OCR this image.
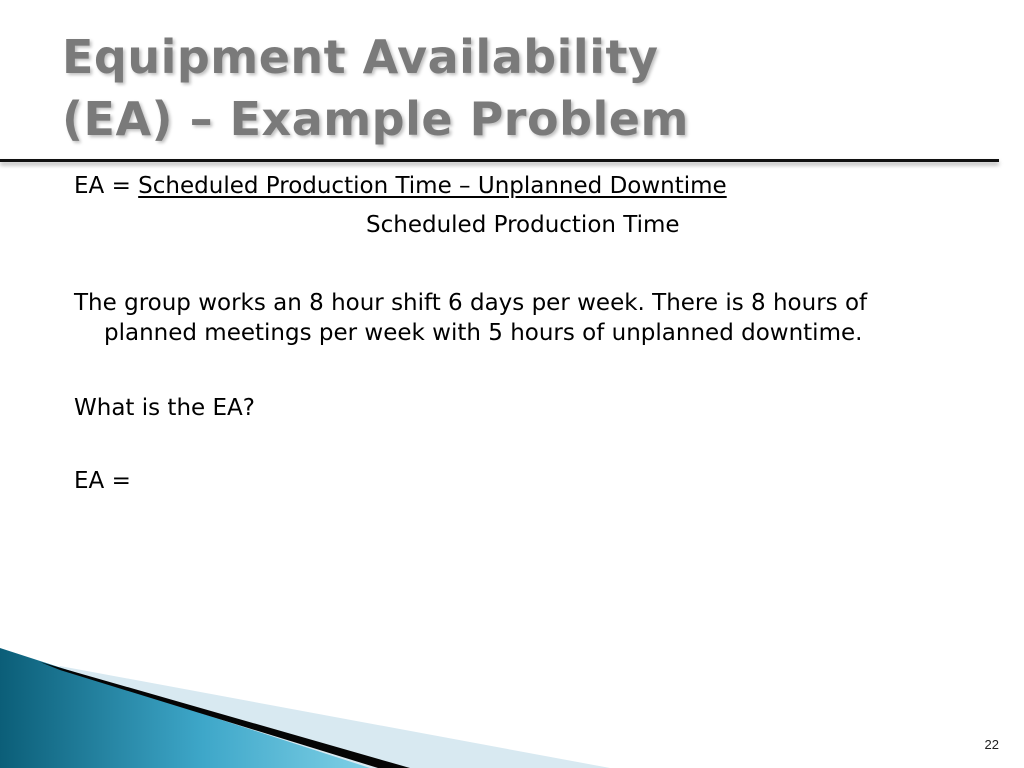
Equipment Availability
(EA) – Example Problem
EA = Scheduled Production Time – Unplanned Downtime
Scheduled Production Time
The group works an 8 hour shift 6 days per week. There is 8 hours of
planned meetings per week with 5 hours of unplanned downtime.
What is the EA?
EA =
22
